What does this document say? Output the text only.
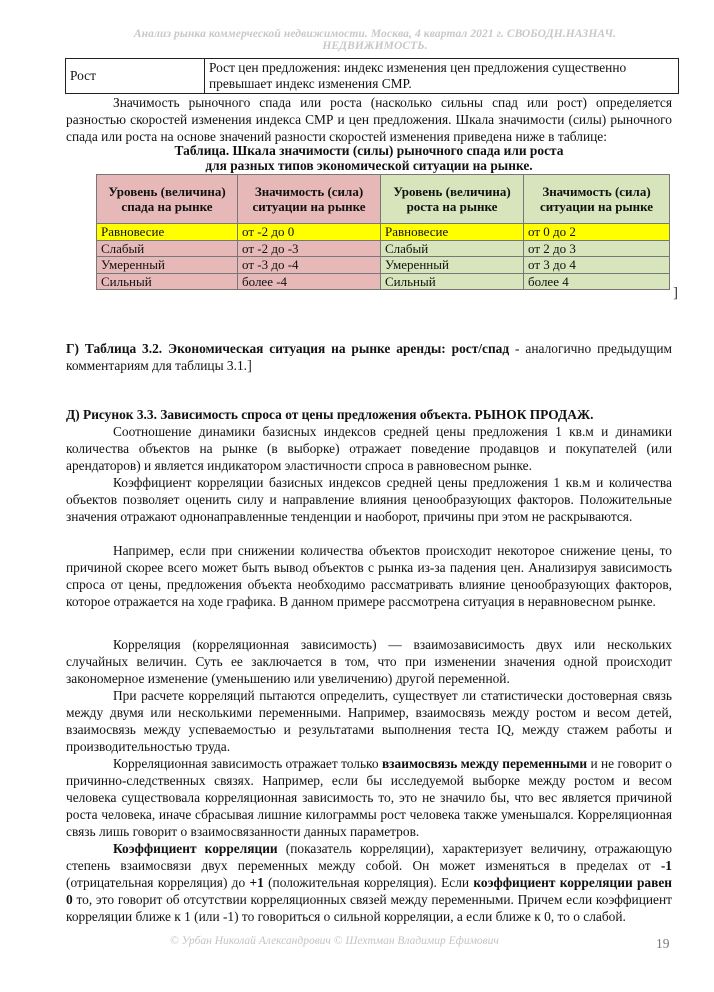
Анализ рынка коммерческой недвижимости. Москва, 4 квартал 2021 г. СВОБОДН.НАЗНАЧ.
НЕДВИЖИМОСТЬ.
Рост	Рост цен предложения: индекс изменения цен предложения существенно превышает индекс изменения СМР.
Значимость рыночного спада или роста (насколько сильны спад или рост) определяется разностью скоростей изменения индекса СМР и цен предложения. Шкала значимости (силы) рыночного спада или роста на основе значений разности скоростей изменения приведена ниже в таблице:
Таблица. Шкала значимости (силы) рыночного спада или роста
для разных типов экономической ситуации на рынке.
Уровень (величина) спада на рынке	Значимость (сила) ситуации на рынке	Уровень (величина) роста на рынке	Значимость (сила) ситуации на рынке
Равновесие	от -2 до 0	Равновесие	от 0 до 2
Слабый	от -2 до -3	Слабый	от 2 до 3
Умеренный	от -3 до -4	Умеренный	от 3 до 4
Сильный	более -4	Сильный	более 4
]
Г) Таблица 3.2. Экономическая ситуация на рынке аренды: рост/спад - аналогично предыдущим комментариям для таблицы 3.1.]
Д) Рисунок 3.3. Зависимость спроса от цены предложения объекта. РЫНОК ПРОДАЖ.
Соотношение динамики базисных индексов средней цены предложения 1 кв.м и динамики количества объектов на рынке (в выборке) отражает поведение продавцов и покупателей (или арендаторов) и является индикатором эластичности спроса в равновесном рынке.
Коэффициент корреляции базисных индексов средней цены предложения 1 кв.м и количества объектов позволяет оценить силу и направление влияния ценообразующих факторов. Положительные значения отражают однонаправленные тенденции и наоборот, причины при этом не раскрываются.
Например, если при снижении количества объектов происходит некоторое снижение цены, то причиной скорее всего может быть вывод объектов с рынка из-за падения цен. Анализируя зависимость спроса от цены, предложения объекта необходимо рассматривать влияние ценообразующих факторов, которое отражается на ходе графика. В данном примере рассмотрена ситуация в неравновесном рынке.
Корреляция (корреляционная зависимость) — взаимозависимость двух или нескольких случайных величин. Суть ее заключается в том, что при изменении значения одной происходит закономерное изменение (уменьшению или увеличению) другой переменной.
При расчете корреляций пытаются определить, существует ли статистически достоверная связь между двумя или несколькими переменными. Например, взаимосвязь между ростом и весом детей, взаимосвязь между успеваемостью и результатами выполнения теста IQ, между стажем работы и производительностью труда.
Корреляционная зависимость отражает только взаимосвязь между переменными и не говорит о причинно-следственных связях. Например, если бы исследуемой выборке между ростом и весом человека существовала корреляционная зависимость то, это не значило бы, что вес является причиной роста человека, иначе сбрасывая лишние килограммы рост человека также уменьшался. Корреляционная связь лишь говорит о взаимосвязанности данных параметров.
Коэффициент корреляции (показатель корреляции), характеризует величину, отражающую степень взаимосвязи двух переменных между собой. Он может изменяться в пределах от -1 (отрицательная корреляция) до +1 (положительная корреляция). Если коэффициент корреляции равен 0 то, это говорит об отсутствии корреляционных связей между переменными. Причем если коэффициент корреляции ближе к 1 (или -1) то говориться о сильной корреляции, а если ближе к 0, то о слабой.
© Урбан Николай Александрович © Шехтман Владимир Ефимович	19
